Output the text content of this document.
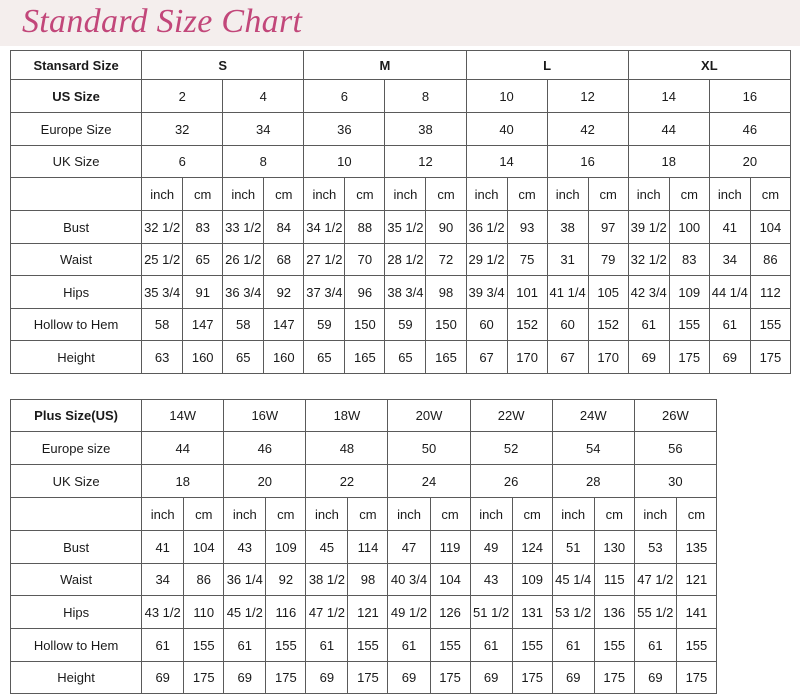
Standard Size Chart
Stansard Size	S				M				L				XL			
US Size	2		4		6		8		10		12		14		16	
Europe Size	32		34		36		38		40		42		44		46	
UK Size	6		8		10		12		14		16		18		20	
	inch	cm	inch	cm	inch	cm	inch	cm	inch	cm	inch	cm	inch	cm	inch	cm
Bust	32 1/2	83	33 1/2	84	34 1/2	88	35 1/2	90	36 1/2	93	38	97	39 1/2	100	41	104
Waist	25 1/2	65	26 1/2	68	27 1/2	70	28 1/2	72	29 1/2	75	31	79	32 1/2	83	34	86
Hips	35 3/4	91	36 3/4	92	37 3/4	96	38 3/4	98	39 3/4	101	41 1/4	105	42 3/4	109	44 1/4	112
Hollow to Hem	58	147	58	147	59	150	59	150	60	152	60	152	61	155	61	155
Height	63	160	65	160	65	165	65	165	67	170	67	170	69	175	69	175
Plus Size(US)	14W		16W		18W		20W		22W		24W		26W	
Europe size	44		46		48		50		52		54		56	
UK Size	18		20		22		24		26		28		30	
	inch	cm	inch	cm	inch	cm	inch	cm	inch	cm	inch	cm	inch	cm
Bust	41	104	43	109	45	114	47	119	49	124	51	130	53	135
Waist	34	86	36 1/4	92	38 1/2	98	40 3/4	104	43	109	45 1/4	115	47 1/2	121
Hips	43 1/2	110	45 1/2	116	47 1/2	121	49 1/2	126	51 1/2	131	53 1/2	136	55 1/2	141
Hollow to Hem	61	155	61	155	61	155	61	155	61	155	61	155	61	155
Height	69	175	69	175	69	175	69	175	69	175	69	175	69	175
